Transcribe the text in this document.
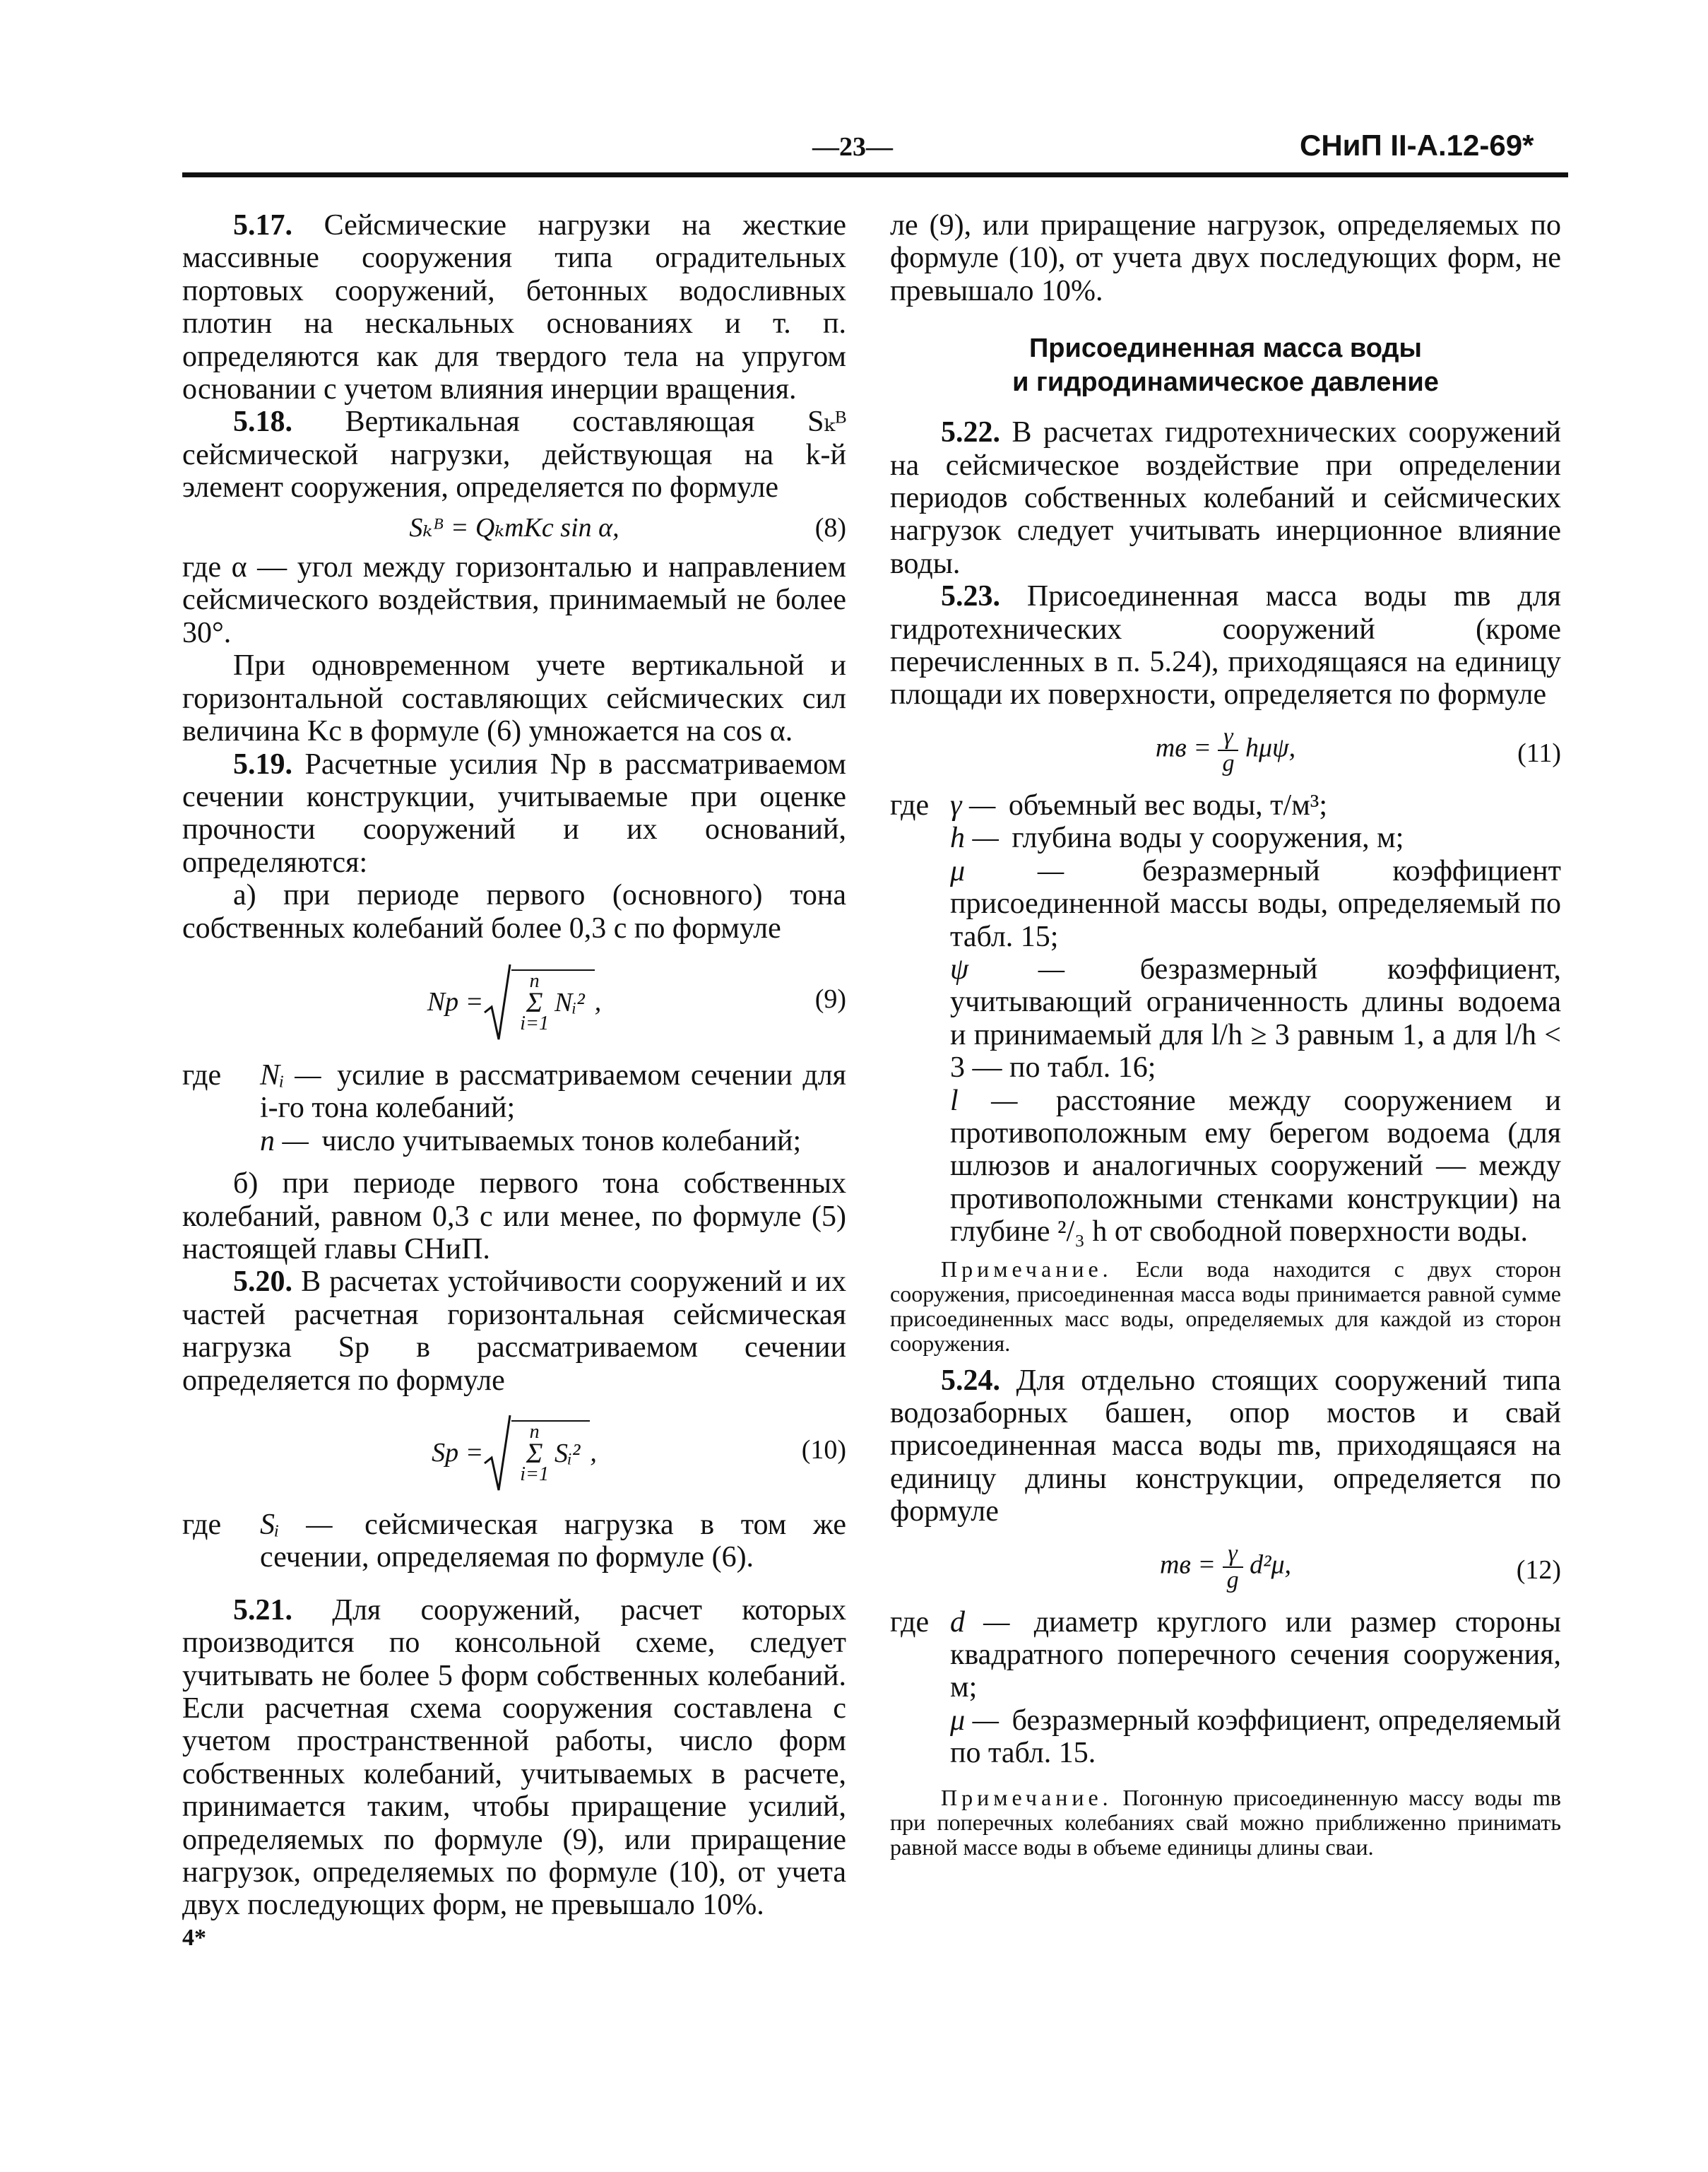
—23—	СНиП II-А.12-69*

5.17. Сейсмические нагрузки на жесткие массивные сооружения типа оградительных портовых сооружений, бетонных водосливных плотин на нескальных основаниях и т. п. определяются как для твердого тела на упругом основании с учетом влияния инерции вращения.

5.18. Вертикальная составляющая Sₖᴮ сейсмической нагрузки, действующая на k-й элемент сооружения, определяется по формуле

Sₖᴮ = QₖmKc sin α,	(8)

где α — угол между горизонталью и направлением сейсмического воздействия, принимаемый не более 30°.

При одновременном учете вертикальной и горизонтальной составляющих сейсмических сил величина Kc в формуле (6) умножается на cos α.

5.19. Расчетные усилия Nр в рассматриваемом сечении конструкции, учитываемые при оценке прочности сооружений и их оснований, определяются:

а) при периоде первого (основного) тона собственных колебаний более 0,3 с по формуле

Nр =
n
Σ
i=1
Nᵢ² ,	(9)
где	Nᵢ — усилие в рассматриваемом сечении для i-го тона колебаний;
n — число учитываемых тонов колебаний;

б) при периоде первого тона собственных колебаний, равном 0,3 с или менее, по формуле (5) настоящей главы СНиП.

5.20. В расчетах устойчивости сооружений и их частей расчетная горизонтальная сейсмическая нагрузка Sр в рассматриваемом сечении определяется по формуле

Sр =
n
Σ
i=1
Sᵢ² ,	(10)
где	Sᵢ — сейсмическая нагрузка в том же сечении, определяемая по формуле (6).

5.21. Для сооружений, расчет которых производится по консольной схеме, следует учитывать не более 5 форм собственных колебаний. Если расчетная схема сооружения составлена с учетом пространственной работы, число форм собственных колебаний, учитываемых в расчете, принимается таким, чтобы приращение усилий, определяемых по формуле (9), или приращение нагрузок, определяемых по формуле (10), от учета двух последующих форм, не превышало 10%.

4*

ле (9), или приращение нагрузок, определяемых по формуле (10), от учета двух последующих форм, не превышало 10%.

Присоединенная масса воды
и гидродинамическое давление

5.22. В расчетах гидротехнических сооружений на сейсмическое воздействие при определении периодов собственных колебаний и сейсмических нагрузок следует учитывать инерционное влияние воды.

5.23. Присоединенная масса воды mв для гидротехнических сооружений (кроме перечисленных в п. 5.24), приходящаяся на единицу площади их поверхности, определяется по формуле

mв = $\frac{\gamma}{g} h\mu\psi$,	(11)
где γ — объемный вес воды, т/м³;
h — глубина воды у сооружения, м;
μ —	безразмерный коэффициент присоединенной массы воды, определяемый по табл. 15;
ψ —	безразмерный коэффициент, учитывающий ограниченность длины водоема и принимаемый для l/h ≥ 3 равным 1, а для l/h < 3 — по табл. 16;
l — расстояние между сооружением и противоположным ему берегом водоема (для шлюзов и аналогичных сооружений — между противоположными стенками конструкции) на глубине ²/₃ h от свободной поверхности воды.

Примечание. Если вода находится с двух сторон сооружения, присоединенная масса воды принимается равной сумме присоединенных масс воды, определяемых для каждой из сторон сооружения.

5.24. Для отдельно стоящих сооружений типа водозаборных башен, опор мостов и свай присоединенная масса воды mв, приходящаяся на единицу длины конструкции, определяется по формуле

mв = $\frac{\gamma}{g} d^2\mu$,	(12)
где d — диаметр круглого или размер стороны квадратного поперечного сечения сооружения, м;
μ — безразмерный коэффициент, определяемый по табл. 15.

Примечание. Погонную присоединенную массу воды mв при поперечных колебаниях свай можно приближенно принимать равной массе воды в объеме единицы длины сваи.
